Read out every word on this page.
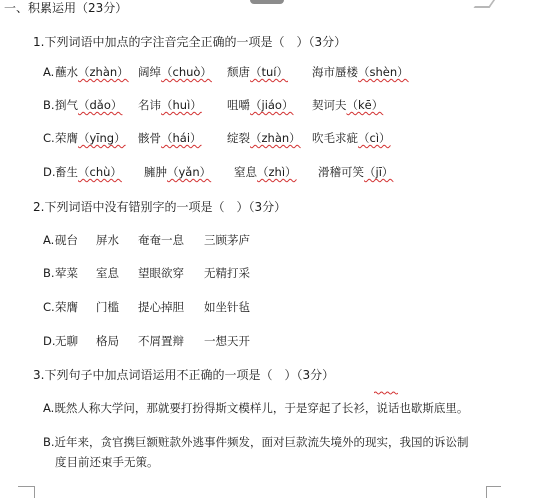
一、积累运用（23分）
1.下列词语中加点的字注音完全正确的一项是（　）（3分）
A. 蘸水（zhàn） 阔绰（chuò） 颓唐（tuí） 海市蜃楼（shèn）
B. 捯气（dǎo） 名讳（huì） 咀嚼（jiáo） 契诃夫（kē）
C. 荣膺（yīng） 骸骨（hái） 绽裂（zhàn） 吹毛求疵（cì）
D. 畜生（chù） 臃肿（yǎn） 窒息（zhì） 滑稽可笑（jī）
2.下列词语中没有错别字的一项是（　）（3分）
A. 砚台 屏水 奄奄一息 三顾茅庐
B. 荤菜 室息 望眼欲穿 无精打采
C. 荣膺 门槛 提心掉胆 如坐针毡
D. 无聊 格局 不屑置辩 一想天开
3.下列句子中加点词语运用不正确的一项是（　）（3分）
A.既然人称大学问，那就要打扮得斯文模样儿，于是穿起了长衫，说话也歇斯底里。
B.近年来，贪官携巨额赃款外逃事件频发，面对巨款流失境外的现实，我国的诉讼制
度目前还束手无策。
